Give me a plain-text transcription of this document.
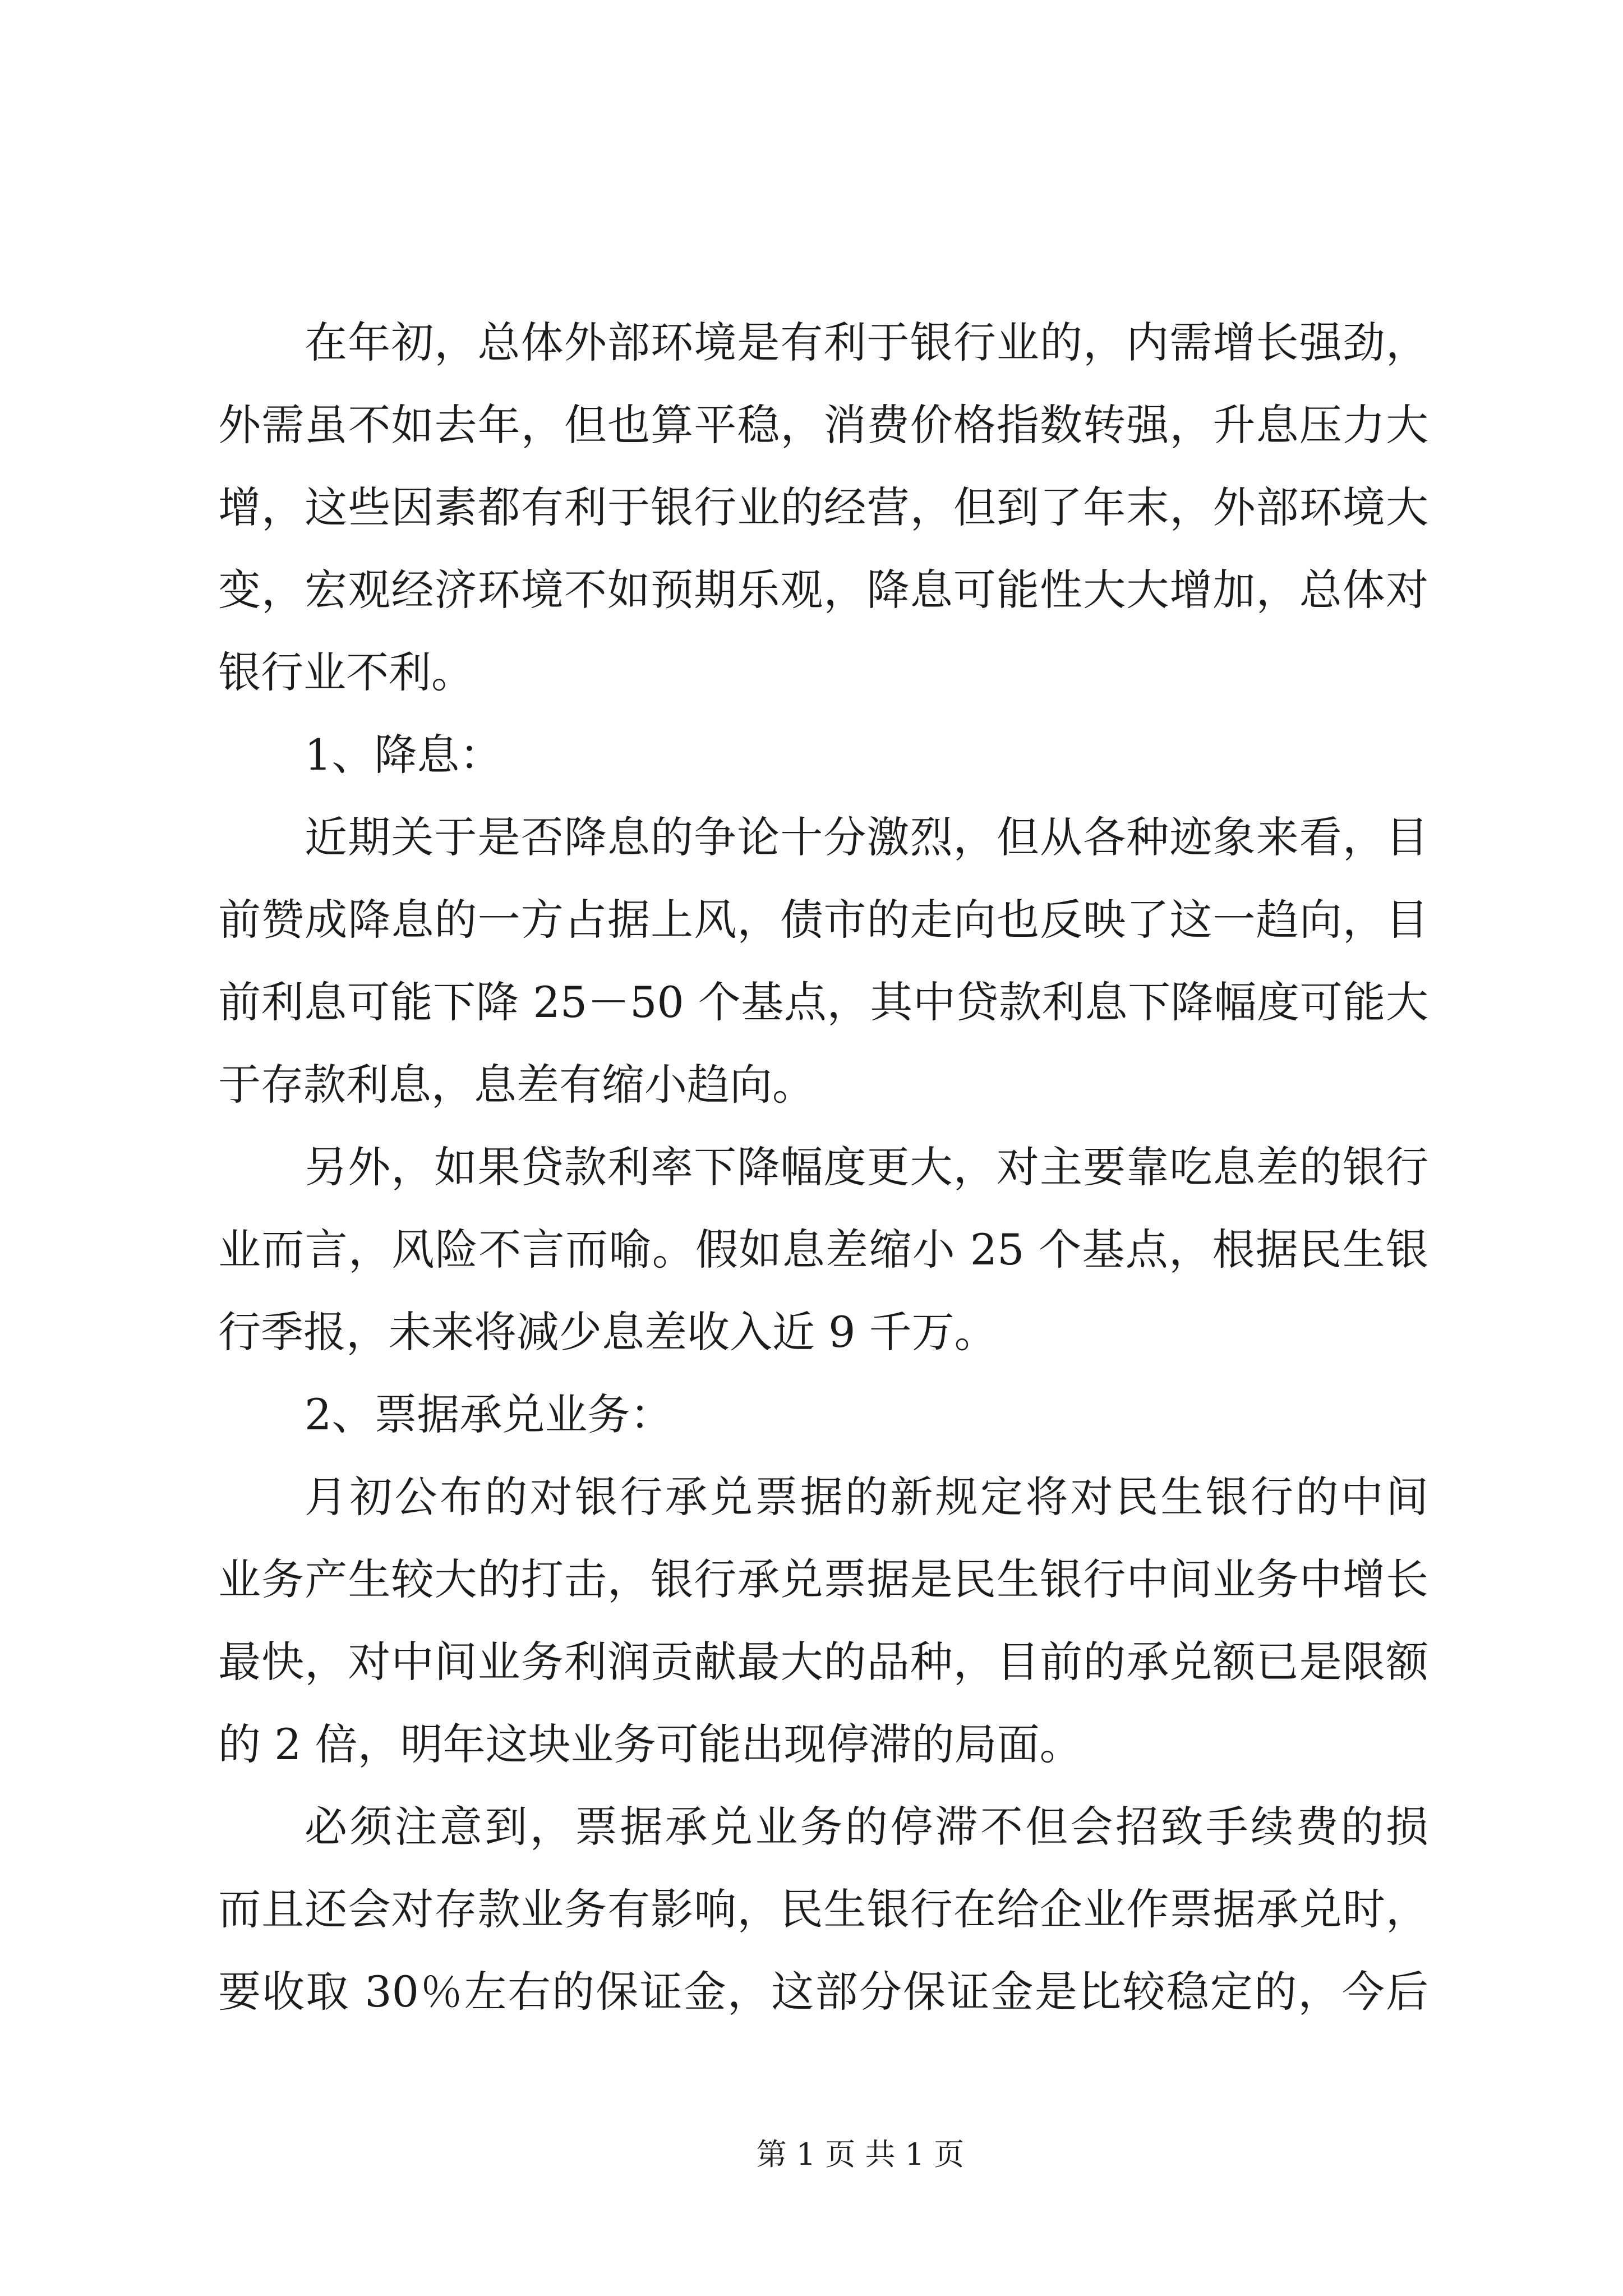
在年初，总体外部环境是有利于银行业的，内需增长强劲，
外需虽不如去年，但也算平稳，消费价格指数转强，升息压力大
增，这些因素都有利于银行业的经营，但到了年末，外部环境大
变，宏观经济环境不如预期乐观，降息可能性大大增加，总体对
银行业不利。
1、降息：
近期关于是否降息的争论十分激烈，但从各种迹象来看，目
前赞成降息的一方占据上风，债市的走向也反映了这一趋向，目
前利息可能下降 25－50 个基点，其中贷款利息下降幅度可能大
于存款利息，息差有缩小趋向。
另外，如果贷款利率下降幅度更大，对主要靠吃息差的银行
业而言，风险不言而喻。假如息差缩小 25 个基点，根据民生银
行季报，未来将减少息差收入近 9 千万。
2、票据承兑业务：
月初公布的对银行承兑票据的新规定将对民生银行的中间
业务产生较大的打击，银行承兑票据是民生银行中间业务中增长
最快，对中间业务利润贡献最大的品种，目前的承兑额已是限额
的 2 倍，明年这块业务可能出现停滞的局面。
必须注意到，票据承兑业务的停滞不但会招致手续费的损
而且还会对存款业务有影响，民生银行在给企业作票据承兑时，
要收取 30％左右的保证金，这部分保证金是比较稳定的，今后
第 1 页 共 1 页
